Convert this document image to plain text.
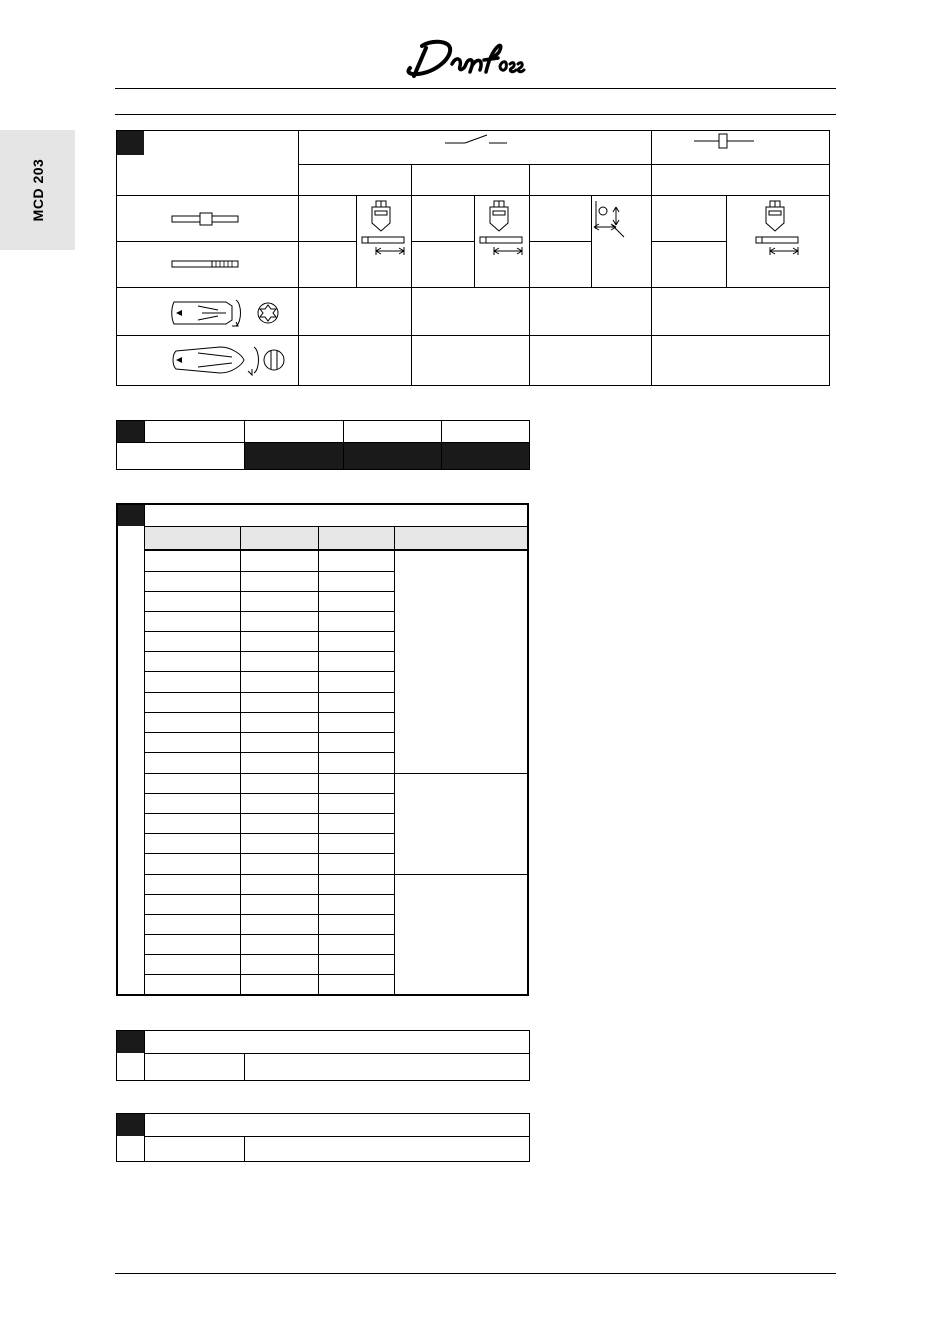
MCD 203
